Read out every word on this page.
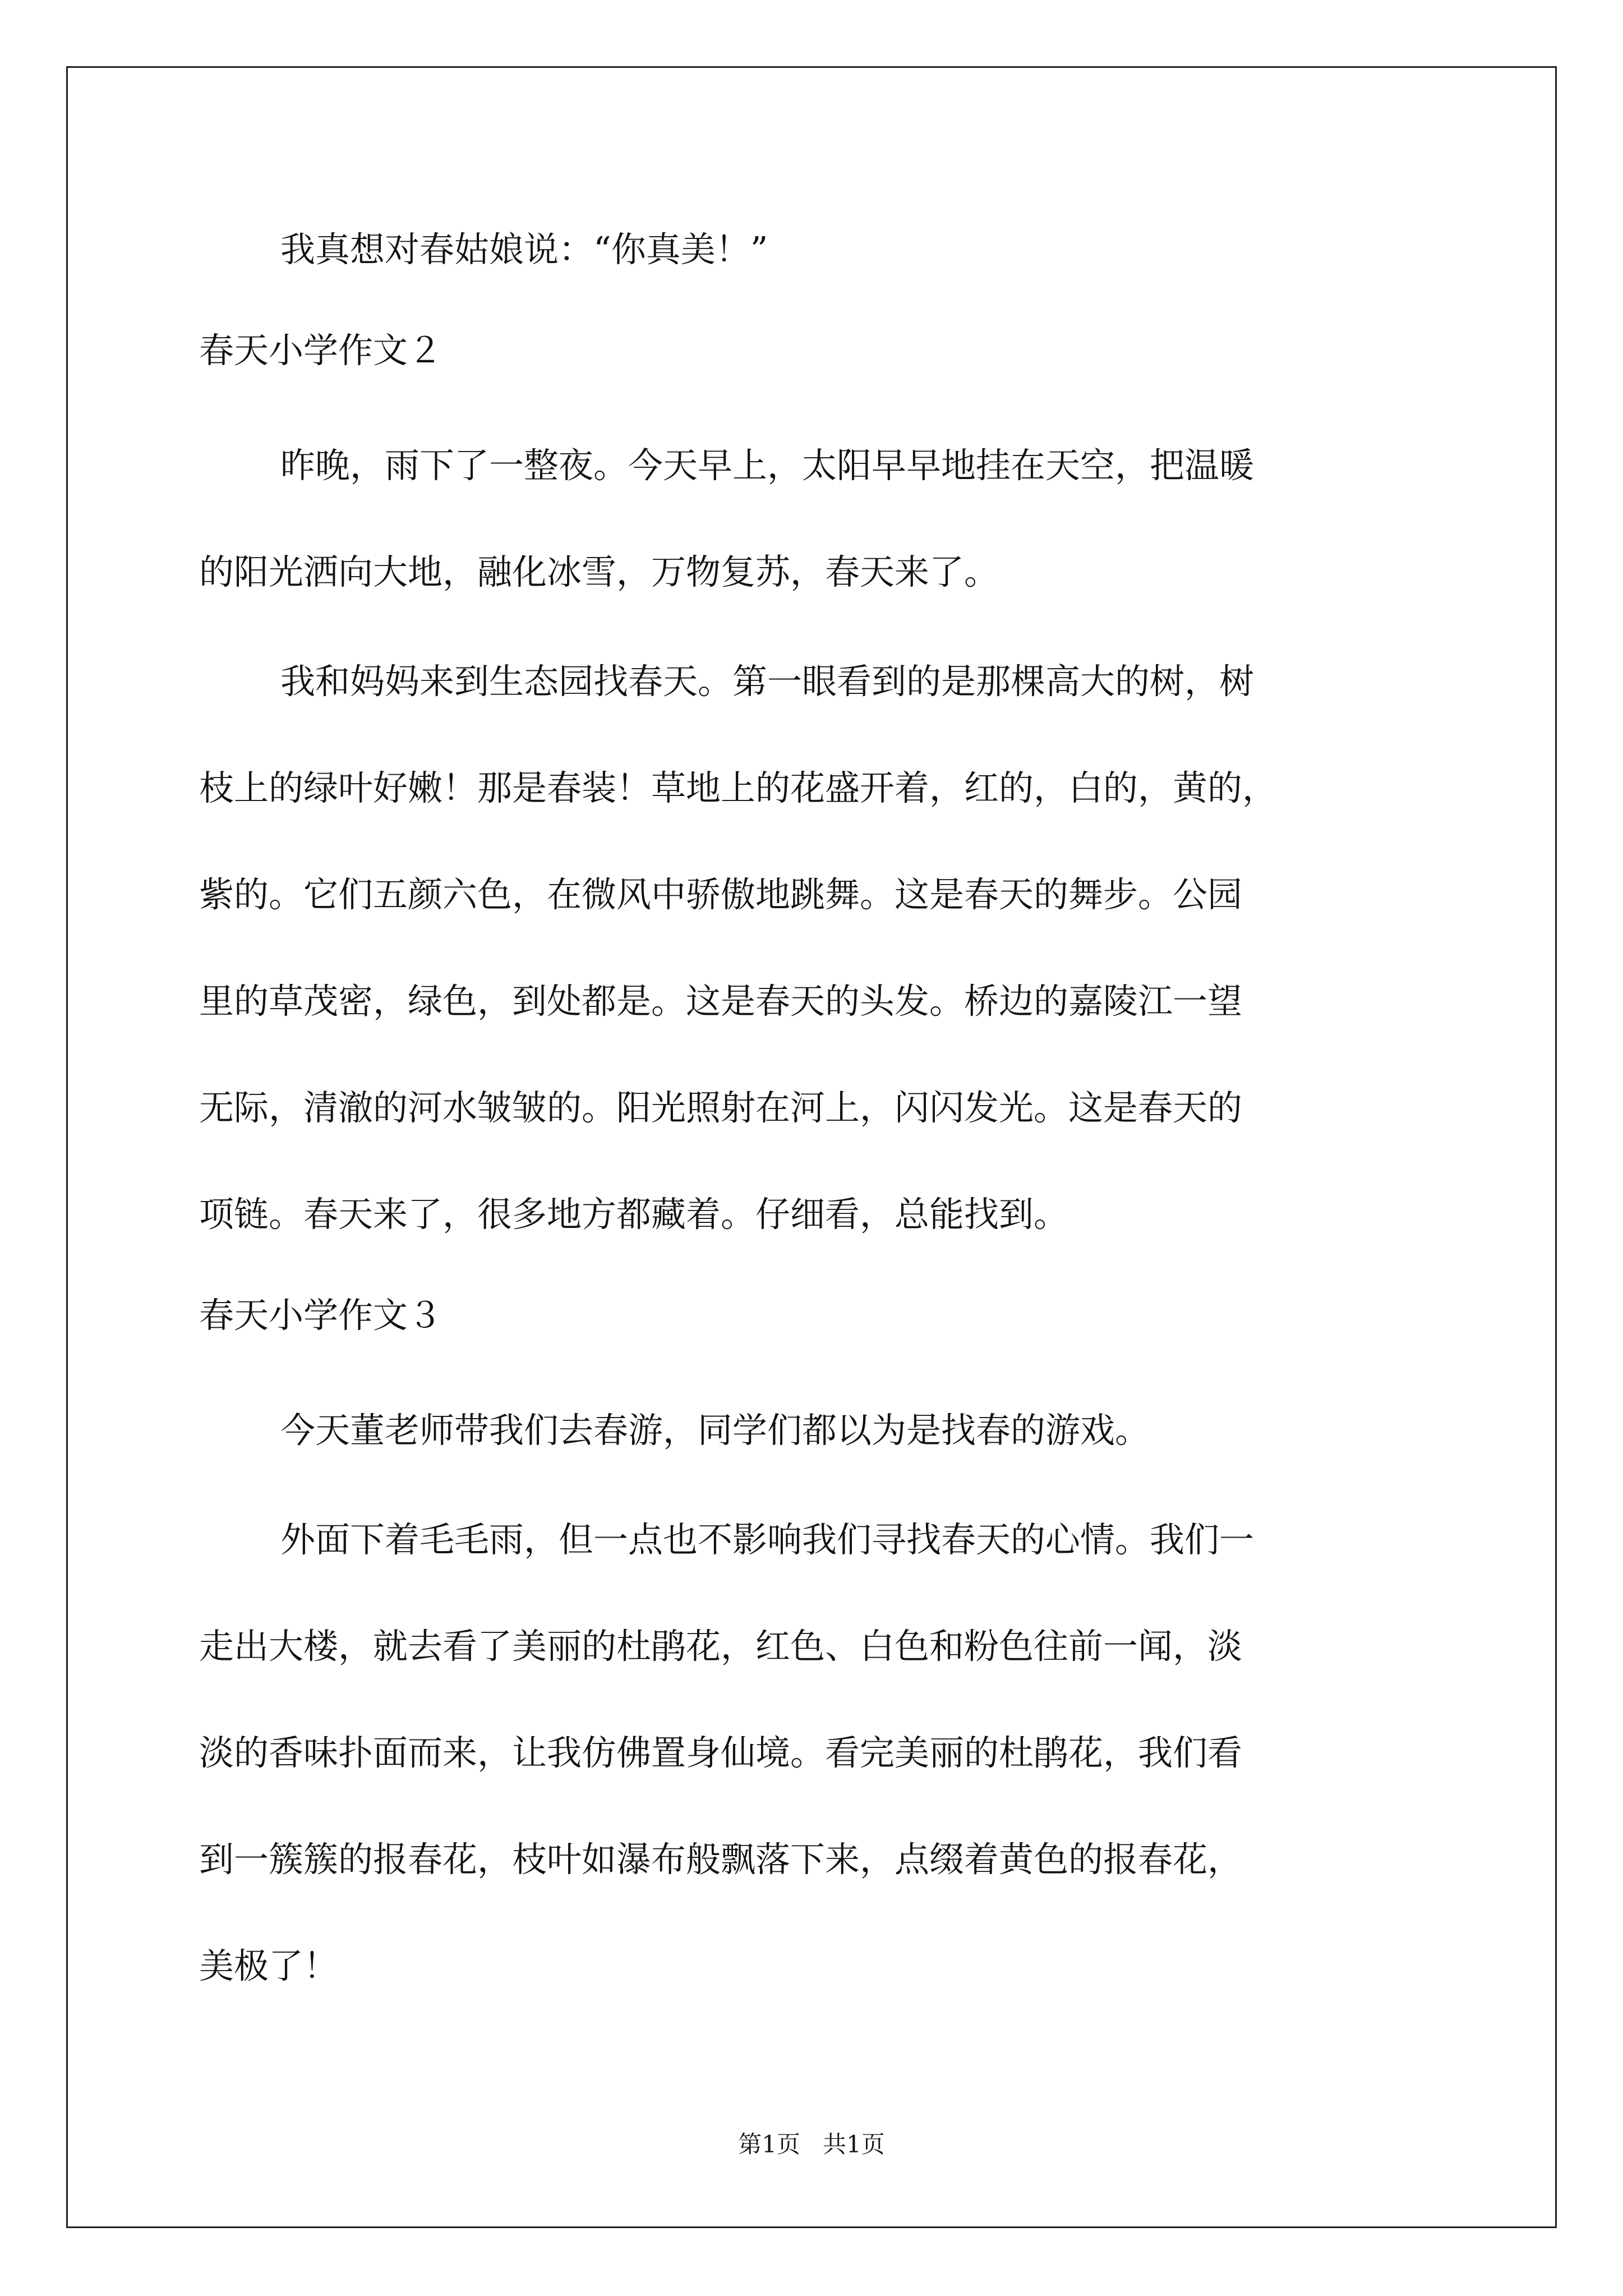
我真想对春姑娘说：“你真美！”
春天小学作文２
昨晚，雨下了一整夜。今天早上，太阳早早地挂在天空，把温暖
的阳光洒向大地，融化冰雪，万物复苏，春天来了。
我和妈妈来到生态园找春天。第一眼看到的是那棵高大的树，树
枝上的绿叶好嫩！那是春装！草地上的花盛开着，红的，白的，黄的，
紫的。它们五颜六色，在微风中骄傲地跳舞。这是春天的舞步。公园
里的草茂密，绿色，到处都是。这是春天的头发。桥边的嘉陵江一望
无际，清澈的河水皱皱的。阳光照射在河上，闪闪发光。这是春天的
项链。春天来了，很多地方都藏着。仔细看，总能找到。
春天小学作文３
今天董老师带我们去春游，同学们都以为是找春的游戏。
外面下着毛毛雨，但一点也不影响我们寻找春天的心情。我们一
走出大楼，就去看了美丽的杜鹃花，红色、白色和粉色往前一闻，淡
淡的香味扑面而来，让我仿佛置身仙境。看完美丽的杜鹃花，我们看
到一簇簇的报春花，枝叶如瀑布般飘落下来，点缀着黄色的报春花，
美极了！
第1页 共1页
